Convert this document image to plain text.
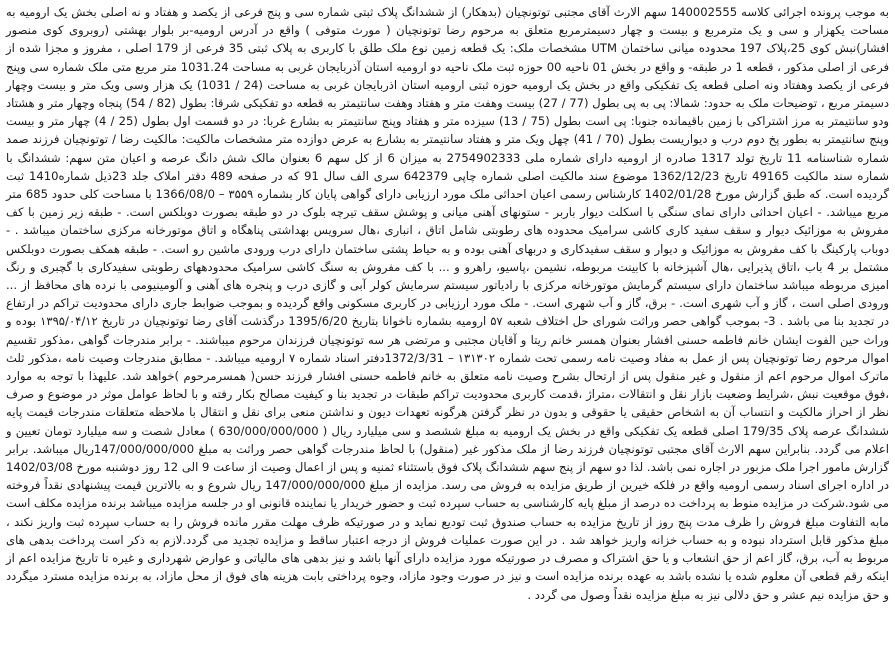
به موجب پرونده اجرائی کلاسه 140002555 سهم الارث آقای مجتبی توتونچیان (بدهکار) از ششدانگ پلاک ثبتی شماره سی و پنج فرعی از یکصد و هفتاد و نه اصلی بخش یک ارومیه به مساحت یکهزار و سی و یک مترمربع و بیست و چهار دسیمترمربع متعلق به مرحوم رضا توتونچیان ( مورث متوفی ) واقع در آدرس ارومیه-بر بلوار بهشتی (روبروی کوی منصور افشار)نبش کوی 25،پلاک 197 محدوده میانی ساختمان UTM مشخصات ملک: یک قطعه زمین نوع ملک طلق با کاربری به پلاک ثبتی 35 فرعی از 179 اصلی ، مفروز و مجزا شده از فرعی از اصلی مذکور ، قطعه 1 در طبقه- و واقع در بخش 01 ناحیه 00 حوزه ثبت ملک ناحیه دو ارومیه استان آذربایجان غربی به مساحت 1031.24 متر مربع متی ملک شماره سی وپنج فرعی از یکصد وهفتاد ونه اصلی قطعه یک تفکیکی واقع در بخش یک ارومیه حوزه ثبتی ارومیه استان اذربایجان غربی به مساحت (24 / 1031) یک هزار وسی ویک متر و بیست وچهار دسیمتر مربع ، توضیحات ملک به حدود: شمالا: پی به پی بطول (77 / 27) بیست وهفت متر و هفتاد وهفت سانتیمتر به قطعه دو تفکیکی شرقا: بطول (82 / 54) پنجاه وچهار متر و هشتاد ودو سانتیمتر به مرز اشتراکی با زمین باقیمانده جنوبا: پی است بطول (75 / 13) سیزده متر و هفتاد وپنج سانتیمتر به بشارع غربا: در دو قسمت اول بطول (25 / 4) چهار متر و بیست وپنج سانتیمتر به بطور پخ دوم درب و دیواریست بطول (70 / 41) چهل ویک متر و هفتاد سانتیمتر به بشارع به عرض دوازده متر مشخصات مالکیت: مالکیت رضا / توتونچیان فرزند صمد شماره شناسنامه 11 تاریخ تولد 1317 صادره از ارومیه دارای شماره ملی 2754902333 به میزان 6 از کل سهم 6 بعنوان مالک شش دانگ عرصه و اعیان متن سهم: ششدانگ با شماره سند مالکیت 49165 تاریخ 1362/12/23 موضوع سند مالکیت اصلی شماره چاپی 642379 سری الف سال 91 که در صفحه 489 دفتر املاک جلد 23ذیل شماره1410 ثبت گردیده است. که طبق گزارش مورخ 1402/01/28 کارشناس رسمی اعیان احداثی ملک مورد ارزیابی دارای گواهی پایان کار بشماره ۳۵۵۹ – 1366/08/0 با مساحت کلی حدود 685 متر مربع میباشد. - اعیان احداثی دارای نمای سنگی با اسکلت دیوار باربر - ستونهای آهنی میانی و پوشش سقف تیرچه بلوک در دو طبقه بصورت دوبلکس است. - طبقه زیر زمین با کف مفروش به موزائیک دیوار و سقف سفید کاری کاشی سرامیک محدوده های رطوبتی شامل اتاق ، انباری ،هال سرویس بهداشتی پناهگاه و اتاق موتورخانه مرکزی ساختمان میباشد . - دوباب پارکینگ با کف مفروش به موزائیک و دیوار و سقف سفیدکاری و دربهای آهنی بوده و به حیاط پشتی ساختمان دارای درب ورودی ماشین رو است. - طبقه همکف بصورت دوبلکس مشتمل بر 4 باب ،اتاق پذیرایی ،هال آشپزخانه با کابینت مربوطه، نشیمن ،پاسیو، راهرو و ... با کف مفروش به سنگ کاشی سرامیک محدودههای رطوبتی سفیدکاری با گچبری و رنگ امیزی مربوطه میباشد ساختمان دارای سیستم گرمایش موتورخانه مرکزی با رادیاتور سیستم سرمایش کولر آبی و گازی درب و پنجره های آهنی و آلومینیومی با نرده های محافظ از ... ورودی اصلی است ، گاز و آب شهری است. - برق، گاز و آب شهری است. - ملک مورد ارزیابی در کاربری مسکونی واقع گردیده و بموجب ضوابط جاری دارای محدودیت تراکم در ارتفاع در تجدید بنا می باشد . 3- بموجب گواهی حصر وراثت شورای حل اختلاف شعبه ۵۷ ارومیه بشماره ناخوانا بتاریخ 1395/6/20 درگذشت آقای رضا توتونچیان در تاریخ ۱۳۹۵/۰۴/۱۲ بوده و وراث حین الفوت ایشان خانم فاطمه حسنی افشار بعنوان همسر خانم ریتا و آقایان مجتبی و مرتضی هر سه توتونچیان فرزندان مرحوم میباشند. - برابر مندرجات گواهی ،مذکور تقسیم اموال مرحوم رضا توتونچیان پس از عمل به مفاد وصیت نامه رسمی تحت شماره ۱۳۱۳۰۲ – 1372/3/31دفتر اسناد شماره ۷ ارومیه میباشد. - مطابق مندرجات وصیت نامه ،مذکور ثلث ماترک اموال مرحوم اعم از منقول و غیر منقول پس از ارتحال بشرح وصیت نامه متعلق به خانم فاطمه حسنی افشار فرزند حسن( همسرمرحوم )خواهد شد. علیهذا با توجه به موارد ،فوق موقعیت نبش ،شرایط وضعیت بازار نقل و انتقالات ،متراژ ،قدمت کاربری محدودیت تراکم طبقات در تجدید بنا و کیفیت مصالح بکار رفته و با لحاظ عوامل موثر در موضوع و صرف نظر از احراز مالکیت و انتساب آن به اشخاص حقیقی یا حقوقی و بدون در نظر گرفتن هرگونه تعهدات دیون و نداشتن منعی برای نقل و انتقال با ملاحظه متعلقات مندرجات قیمت پایه ششدانگ عرصه پلاک 179/35 اصلی قطعه یک تفکیکی واقع در بخش یک ارومیه به مبلغ ششصد و سی میلیارد ریال ( 630/000/000/000 ) معادل شصت و سه میلیارد تومان تعیین و اعلام می گردد. بنابراین سهم الارث آقای مجتبی توتونچیان فرزند رضا از ملک مذکور غیر (منقول) با لحاظ مندرجات گواهی حصر وراثت به مبلغ 147/000/000/000ریال میباشد. برابر گزارش مامور اجرا ملک مزبور در اجاره نمی باشد. لذا دو سهم از پنج سهم ششدانگ پلاک فوق باستثناء ثمنیه و پس از اعمال وصیت از ساعت 9 الی 12 روز دوشنبه مورخ 1402/03/08 در اداره اجرای اسناد رسمی ارومیه واقع در فلکه خیرین از طریق مزایده به فروش می رسد. مزایده از مبلغ 147/000/000/000 ریال شروع و به بالاترین قیمت پیشنهادی نقداً فروخته می شود.شرکت در مزایده منوط به پرداخت ده درصد از مبلغ پایه کارشناسی به حساب سپرده ثبت و حضور خریدار یا نماینده قانونی او در جلسه مزایده میباشد برنده مزایده مکلف است مابه التفاوت مبلغ فروش را ظرف مدت پنج روز از تاریخ مزایده به حساب صندوق ثبت تودیع نماید و در صورتیکه ظرف مهلت مقرر مانده فروش را به حساب سپرده ثبت واریز نکند ، مبلغ مذکور قابل استرداد نبوده و به حساب خزانه واریز خواهد شد . در این صورت عملیات فروش از درجه اعتبار ساقط و مزایده تجدید می گردد.لازم به ذکر است پرداخت بدهی های مربوط به آب، برق، گاز اعم از حق انشعاب و یا حق اشتراک و مصرف در صورتیکه مورد مزایده دارای آنها باشد و نیز بدهی های مالیاتی و عوارض شهرداری و غیره تا تاریخ مزایده اعم از اینکه رقم قطعی آن معلوم شده یا نشده باشد به عهده برنده مزایده است و نیز در صورت وجود مازاد، وجوه پرداختی بابت هزینه های فوق از محل مازاد، به برنده مزایده مسترد میگردد و حق مزایده نیم عشر و حق دلالی نیز به مبلغ مزایده نقداً وصول می گردد .
